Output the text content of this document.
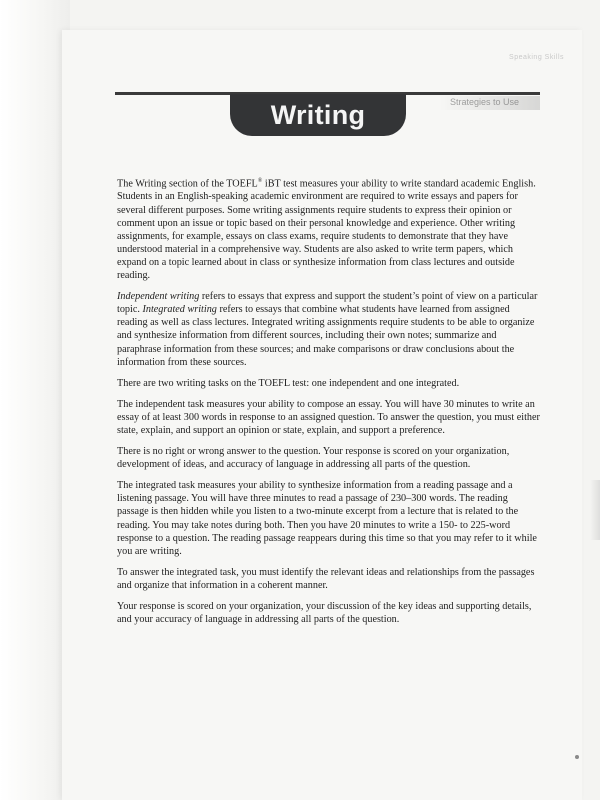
Speaking Skills
Strategies to Use
Writing

The Writing section of the TOEFL® iBT test measures your ability to write standard academic English. Students in an English-speaking academic environment are required to write essays and papers for several different purposes. Some writing assignments require students to express their opinion or comment upon an issue or topic based on their personal knowledge and experience. Other writing assignments, for example, essays on class exams, require students to demonstrate that they have understood material in a comprehensive way. Students are also asked to write term papers, which expand on a topic learned about in class or synthesize information from class lectures and outside reading.

Independent writing refers to essays that express and support the student’s point of view on a particular topic. Integrated writing refers to essays that combine what students have learned from assigned reading as well as class lectures. Integrated writing assignments require students to be able to organize and synthesize information from different sources, including their own notes; summarize and paraphrase information from these sources; and make comparisons or draw conclusions about the information from these sources.

There are two writing tasks on the TOEFL test: one independent and one integrated.

The independent task measures your ability to compose an essay. You will have 30 minutes to write an essay of at least 300 words in response to an assigned question. To answer the question, you must either state, explain, and support an opinion or state, explain, and support a preference.

There is no right or wrong answer to the question. Your response is scored on your organization, development of ideas, and accuracy of language in addressing all parts of the question.

The integrated task measures your ability to synthesize information from a reading passage and a listening passage. You will have three minutes to read a passage of 230–300 words. The reading passage is then hidden while you listen to a two-minute excerpt from a lecture that is related to the reading. You may take notes during both. Then you have 20 minutes to write a 150- to 225-word response to a question. The reading passage reappears during this time so that you may refer to it while you are writing.

To answer the integrated task, you must identify the relevant ideas and relationships from the passages and organize that information in a coherent manner.

Your response is scored on your organization, your discussion of the key ideas and supporting details, and your accuracy of language in addressing all parts of the question.
